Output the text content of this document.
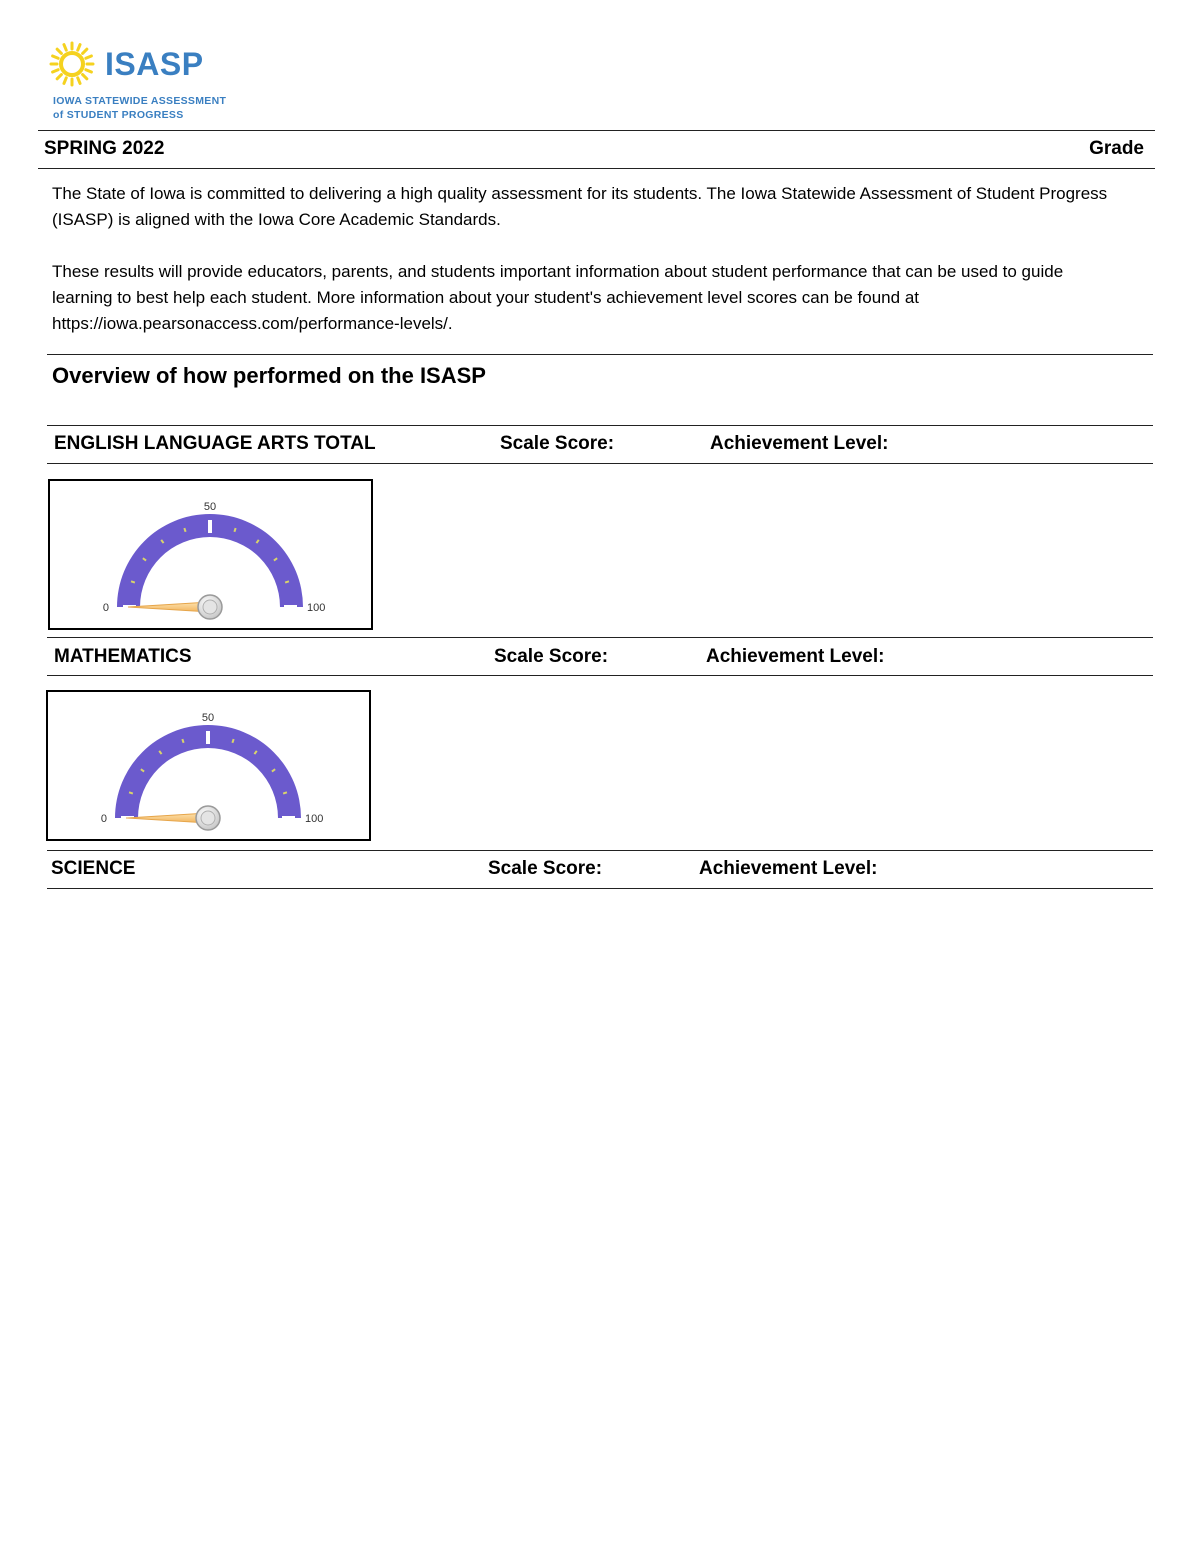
ISASP
IOWA STATEWIDE ASSESSMENT
of STUDENT PROGRESS
SPRING 2022	Grade

The State of Iowa is committed to delivering a high quality assessment for its students. The Iowa Statewide Assessment of Student Progress (ISASP) is aligned with the Iowa Core Academic Standards.

These results will provide educators, parents, and students important information about student performance that can be used to guide learning to best help each student. More information about your student's achievement level scores can be found at https://iowa.pearsonaccess.com/performance-levels/.

Overview of how performed on the ISASP
ENGLISH LANGUAGE ARTS TOTAL	Scale Score:	Achievement Level:
0	100
50
MATHEMATICS	Scale Score:	Achievement Level:
0	100
50
SCIENCE	Scale Score:	Achievement Level:
